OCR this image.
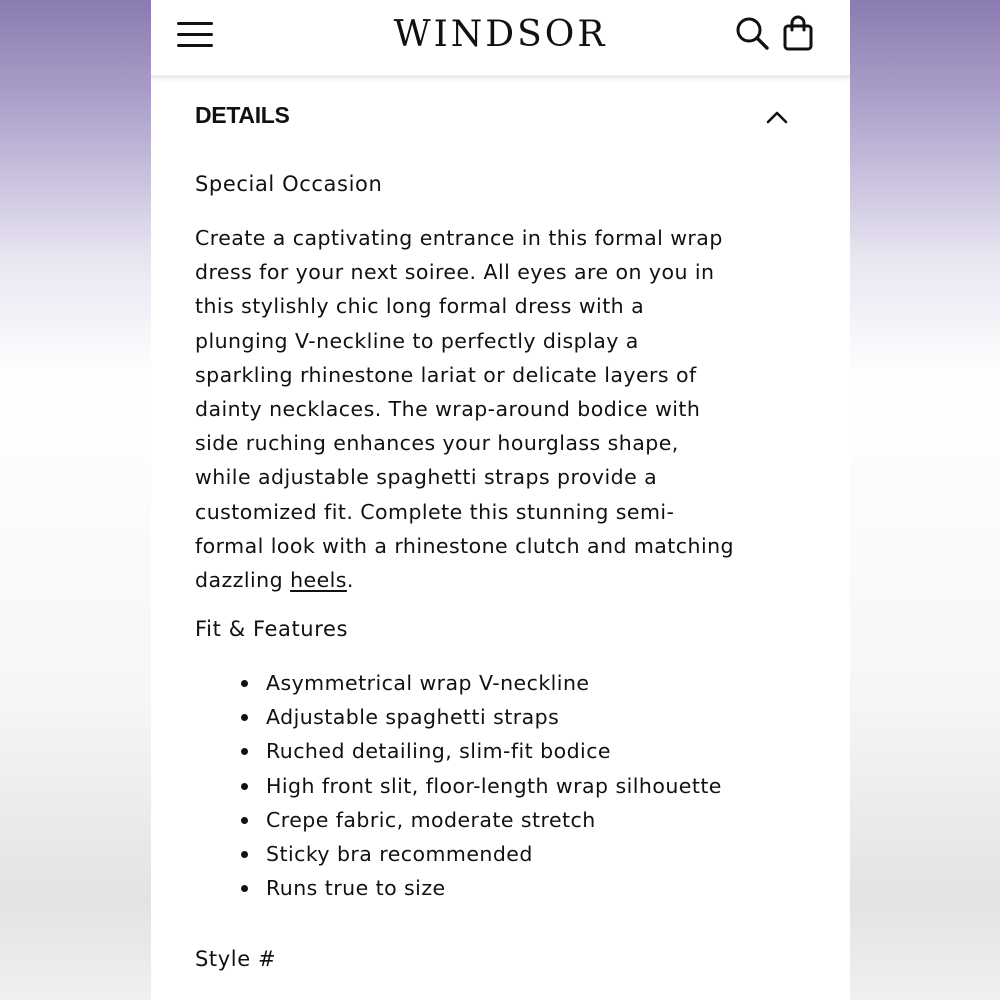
WINDSOR
DETAILS
Special Occasion

Create a captivating entrance in this formal wrap
dress for your next soiree. All eyes are on you in
this stylishly chic long formal dress with a
plunging V-neckline to perfectly display a
sparkling rhinestone lariat or delicate layers of
dainty necklaces. The wrap-around bodice with
side ruching enhances your hourglass shape,
while adjustable spaghetti straps provide a
customized fit. Complete this stunning semi-
formal look with a rhinestone clutch and matching
dazzling heels.

Fit & Features
Asymmetrical wrap V-neckline
Adjustable spaghetti straps
Ruched detailing, slim-fit bodice
High front slit, floor-length wrap silhouette
Crepe fabric, moderate stretch
Sticky bra recommended
Runs true to size
Style #
